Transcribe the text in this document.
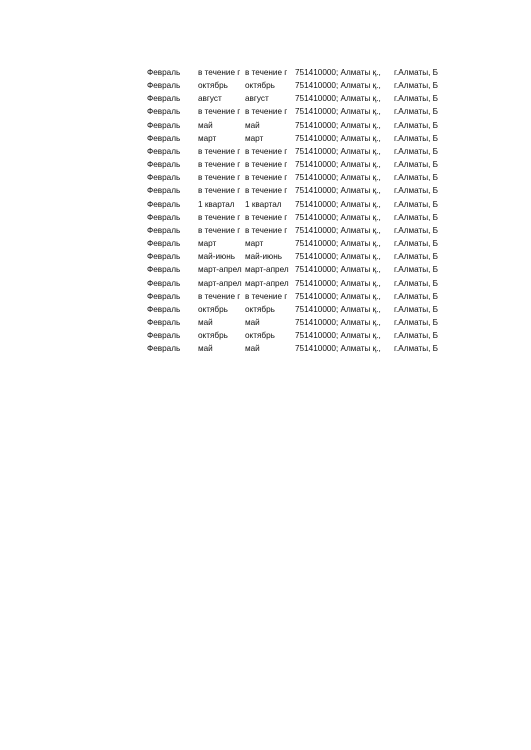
Февраль	в течение г	в течение г	751410000; Алматы қ.,	г.Алматы, Б
Февраль	октябрь	октябрь	751410000; Алматы қ.,	г.Алматы, Б
Февраль	август	август	751410000; Алматы қ.,	г.Алматы, Б
Февраль	в течение г	в течение г	751410000; Алматы қ.,	г.Алматы, Б
Февраль	май	май	751410000; Алматы қ.,	г.Алматы, Б
Февраль	март	март	751410000; Алматы қ.,	г.Алматы, Б
Февраль	в течение г	в течение г	751410000; Алматы қ.,	г.Алматы, Б
Февраль	в течение г	в течение г	751410000; Алматы қ.,	г.Алматы, Б
Февраль	в течение г	в течение г	751410000; Алматы қ.,	г.Алматы, Б
Февраль	в течение г	в течение г	751410000; Алматы қ.,	г.Алматы, Б
Февраль	1 квартал	1 квартал	751410000; Алматы қ.,	г.Алматы, Б
Февраль	в течение г	в течение г	751410000; Алматы қ.,	г.Алматы, Б
Февраль	в течение г	в течение г	751410000; Алматы қ.,	г.Алматы, Б
Февраль	март	март	751410000; Алматы қ.,	г.Алматы, Б
Февраль	май-июнь	май-июнь	751410000; Алматы қ.,	г.Алматы, Б
Февраль	март-апрел	март-апрел	751410000; Алматы қ.,	г.Алматы, Б
Февраль	март-апрел	март-апрел	751410000; Алматы қ.,	г.Алматы, Б
Февраль	в течение г	в течение г	751410000; Алматы қ.,	г.Алматы, Б
Февраль	октябрь	октябрь	751410000; Алматы қ.,	г.Алматы, Б
Февраль	май	май	751410000; Алматы қ.,	г.Алматы, Б
Февраль	октябрь	октябрь	751410000; Алматы қ.,	г.Алматы, Б
Февраль	май	май	751410000; Алматы қ.,	г.Алматы, Б
